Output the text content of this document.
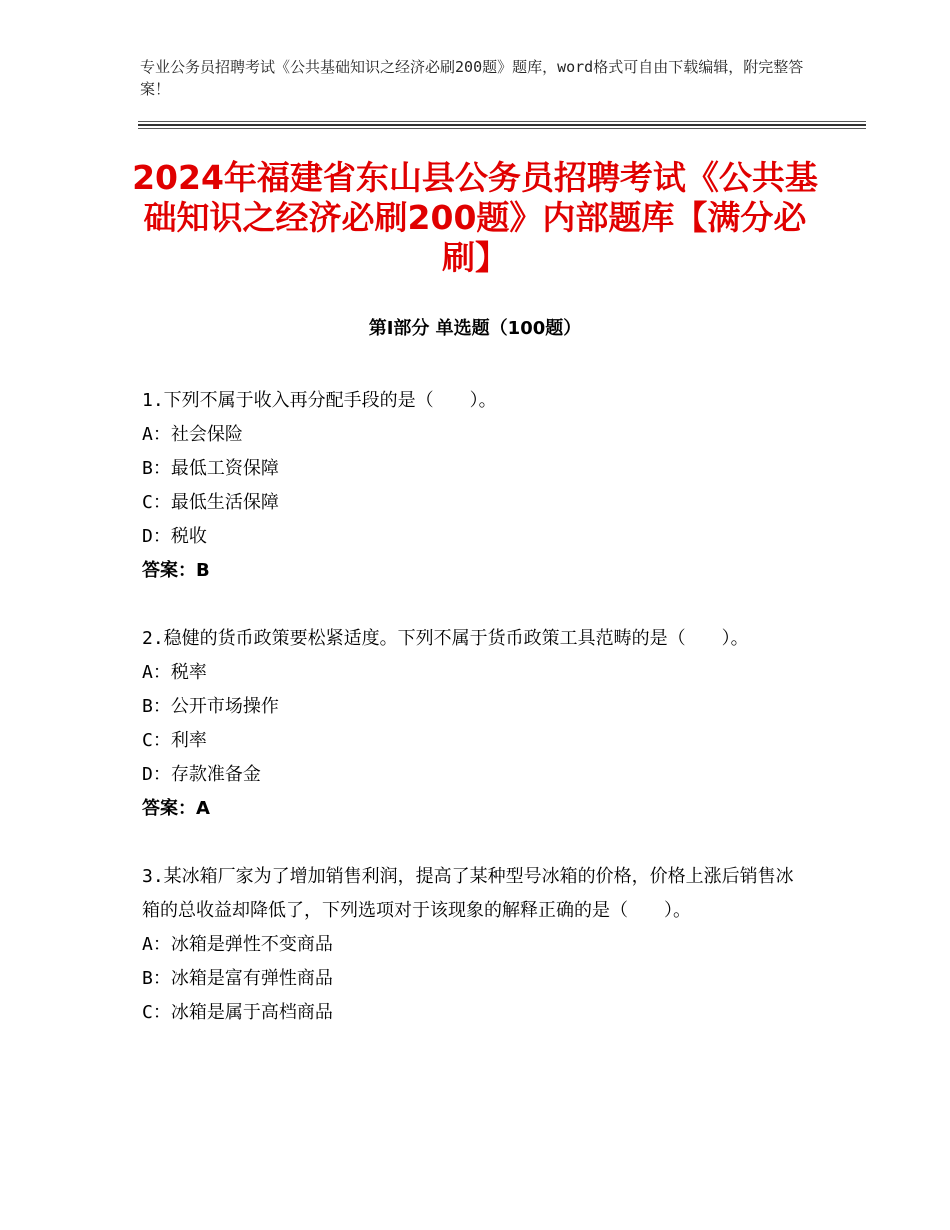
专业公务员招聘考试《公共基础知识之经济必刷200题》题库，word格式可自由下载编辑，附完整答案！
2024年福建省东山县公务员招聘考试《公共基础知识之经济必刷200题》内部题库【满分必刷】
第Ⅰ部分 单选题（100题）
1.下列不属于收入再分配手段的是（　　）。
A：社会保险
B：最低工资保障
C：最低生活保障
D：税收
答案：B
2.稳健的货币政策要松紧适度。下列不属于货币政策工具范畴的是（　　）。
A：税率
B：公开市场操作
C：利率
D：存款准备金
答案：A
3.某冰箱厂家为了增加销售利润，提高了某种型号冰箱的价格，价格上涨后销售冰箱的总收益却降低了，下列选项对于该现象的解释正确的是（　　）。
A：冰箱是弹性不变商品
B：冰箱是富有弹性商品
C：冰箱是属于高档商品
